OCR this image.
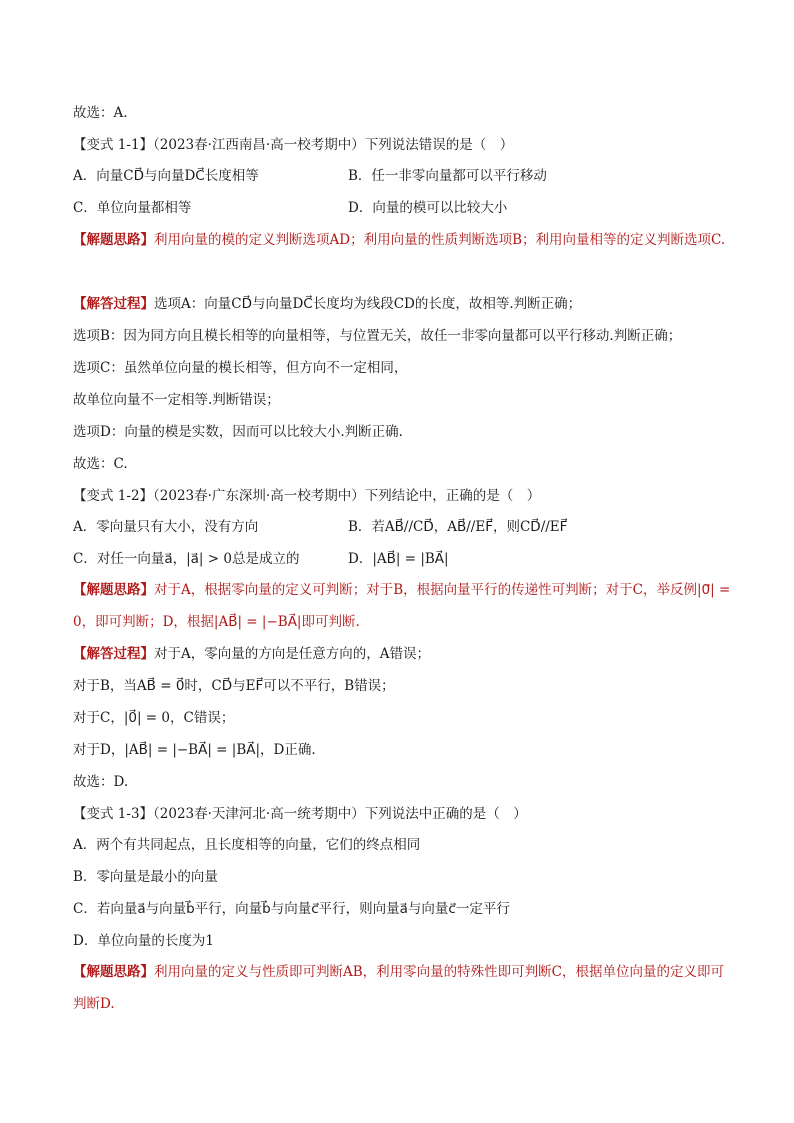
故选：A.
【变式 1-1】（2023春·江西南昌·高一校考期中）下列说法错误的是（　）
A．向量CD⃗与向量DC⃗长度相等	B．任一非零向量都可以平行移动
C．单位向量都相等	D．向量的模可以比较大小
【解题思路】利用向量的模的定义判断选项AD；利用向量的性质判断选项B；利用向量相等的定义判断选项C.
【解答过程】选项A：向量CD⃗与向量DC⃗长度均为线段CD的长度，故相等.判断正确；
选项B：因为同方向且模长相等的向量相等，与位置无关，故任一非零向量都可以平行移动.判断正确；
选项C：虽然单位向量的模长相等，但方向不一定相同，
故单位向量不一定相等.判断错误；
选项D：向量的模是实数，因而可以比较大小.判断正确.
故选：C.
【变式 1-2】（2023春·广东深圳·高一校考期中）下列结论中，正确的是（　）
A．零向量只有大小，没有方向	B．若AB⃗//CD⃗，AB⃗//EF⃗，则CD⃗//EF⃗
C．对任一向量a⃗，|a⃗| > 0总是成立的	D．|AB⃗| = |BA⃗|
【解题思路】对于A，根据零向量的定义可判断；对于B，根据向量平行的传递性可判断；对于C，举反例|0⃗| = 0，即可判断；D，根据|AB⃗| = |−BA⃗|即可判断.
【解答过程】对于A，零向量的方向是任意方向的，A错误；
对于B，当AB⃗ = 0⃗时，CD⃗与EF⃗可以不平行，B错误；
对于C，|0⃗| = 0，C错误；
对于D，|AB⃗| = |−BA⃗| = |BA⃗|，D正确.
故选：D.
【变式 1-3】（2023春·天津河北·高一统考期中）下列说法中正确的是（　）
A．两个有共同起点，且长度相等的向量，它们的终点相同
B．零向量是最小的向量
C．若向量a⃗与向量b⃗平行，向量b⃗与向量c⃗平行，则向量a⃗与向量c⃗一定平行
D．单位向量的长度为1
【解题思路】利用向量的定义与性质即可判断AB，利用零向量的特殊性即可判断C，根据单位向量的定义即可判断D.
